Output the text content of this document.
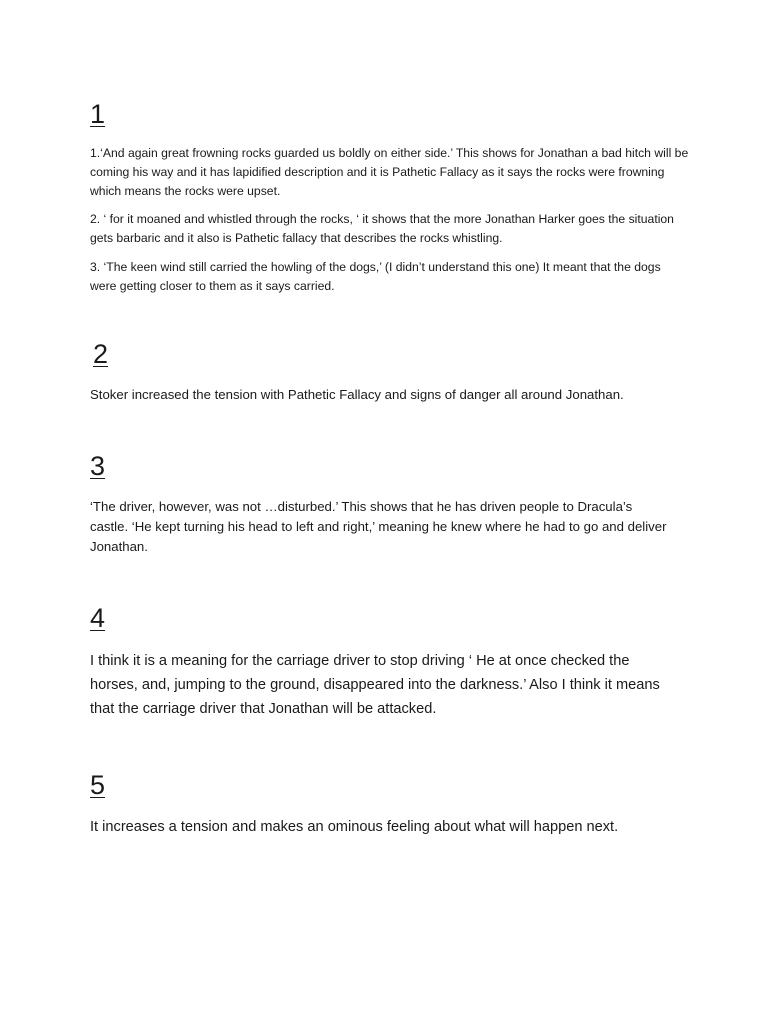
1

1.‘And again great frowning rocks guarded us boldly on either side.’ This shows for Jonathan a bad hitch will be coming his way and it has lapidified description and it is Pathetic Fallacy as it says the rocks were frowning which means the rocks were upset.

2. ‘ for it moaned and whistled through the rocks, ‘ it shows that the more Jonathan Harker goes the situation gets barbaric and it also is Pathetic fallacy that describes the rocks whistling.

3. ‘The keen wind still carried the howling of the dogs,’ (I didn’t understand this one) It meant that the dogs were getting closer to them as it says carried.

2

Stoker increased the tension with Pathetic Fallacy and signs of danger all around Jonathan.

3

‘The driver, however, was not …disturbed.’ This shows that he has driven people to Dracula’s castle. ‘He kept turning his head to left and right,’ meaning he knew where he had to go and deliver Jonathan.

4

I think it is a meaning for the carriage driver to stop driving ‘ He at once checked the horses, and, jumping to the ground, disappeared into the darkness.’ Also I think it means that the carriage driver that Jonathan will be attacked.

5

It increases a tension and makes an ominous feeling about what will happen next.
